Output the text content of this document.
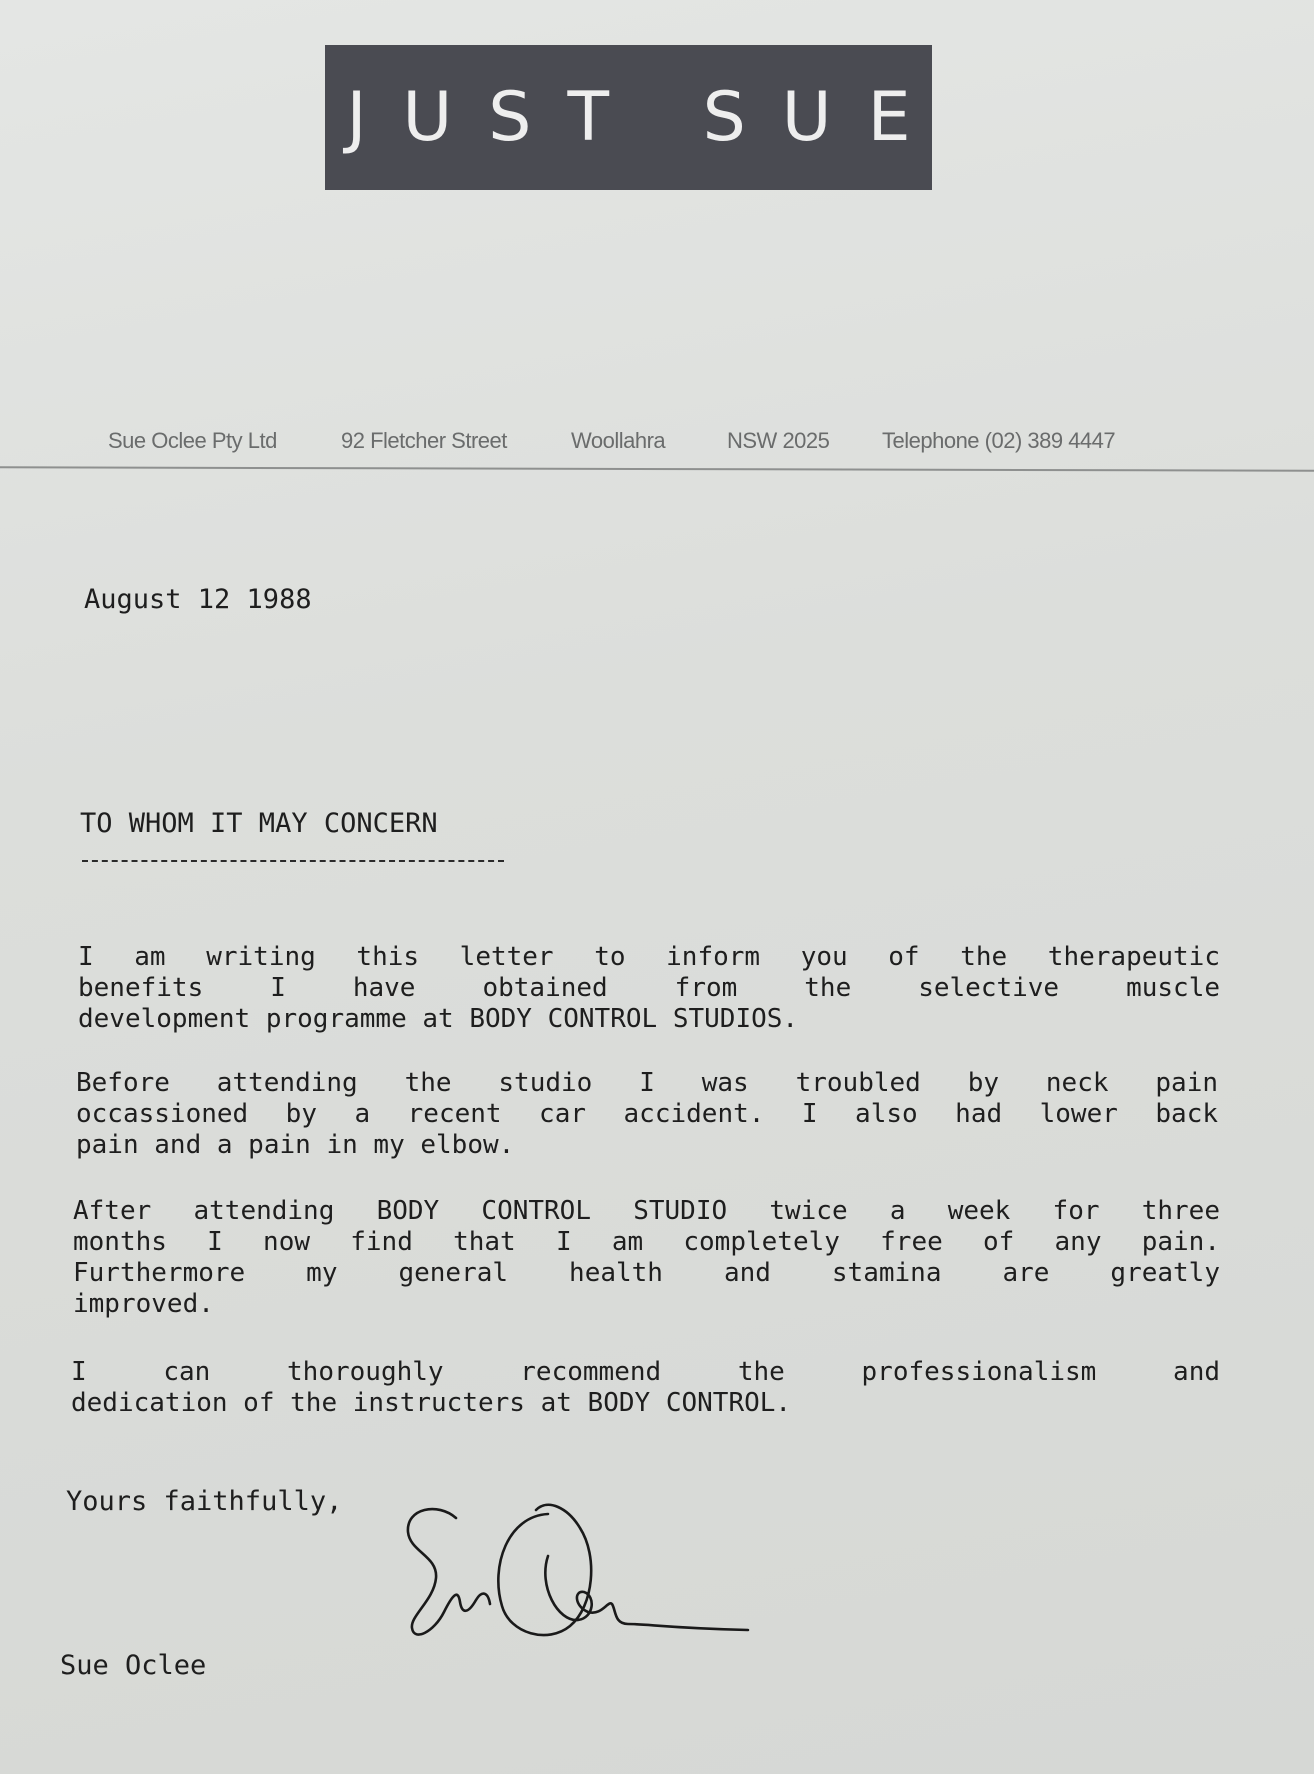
JUST SUE
Sue Oclee Pty Ltd	92 Fletcher Street	Woollahra	NSW 2025 Telephone (02) 389 4447
August 12 1988
TO WHOM IT MAY CONCERN
I am writing this letter to inform you of the therapeutic
benefits I have obtained from the selective muscle
development programme at BODY CONTROL STUDIOS.
Before attending the studio I was troubled by neck pain
occassioned by a recent car accident. I also had lower back
pain and a pain in my elbow.
After attending BODY CONTROL STUDIO twice a week for three
months I now find that I am completely free of any pain.
Furthermore my general health and stamina are greatly
improved.
I can thoroughly recommend the professionalism and
dedication of the instructers at BODY CONTROL.
Yours faithfully,
Sue Oclee
